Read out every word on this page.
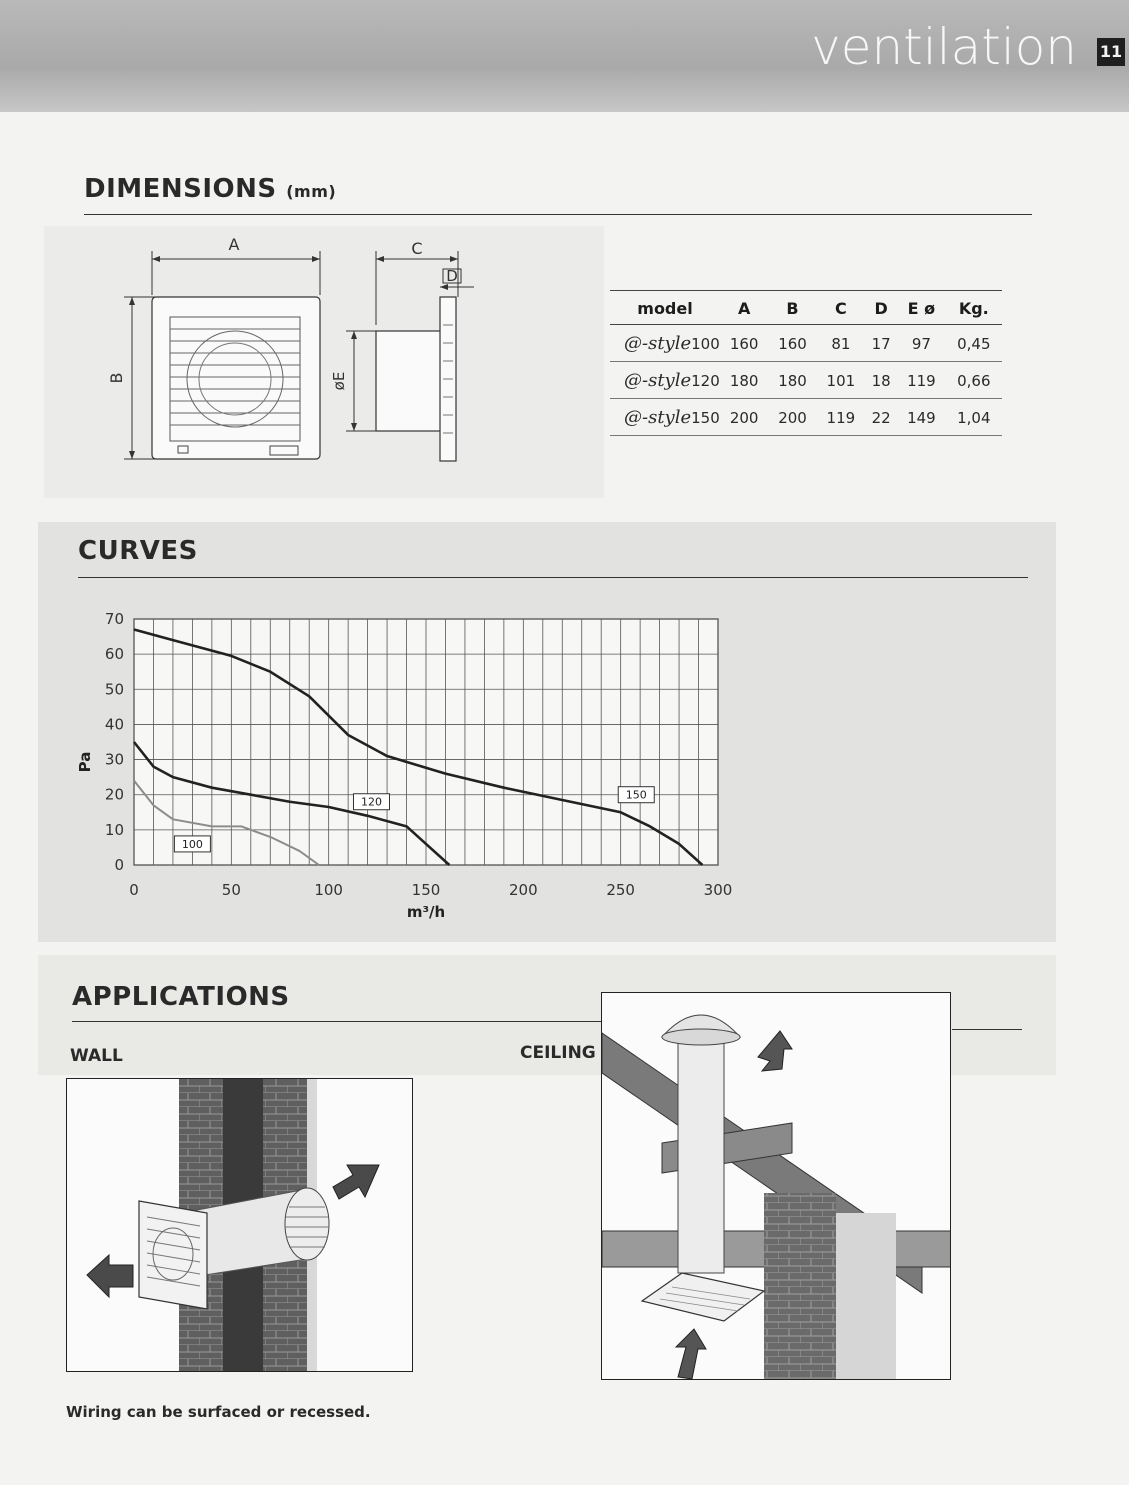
ventilation 11
DIMENSIONS (mm)
A
B
C
D
øE
model	A	B	C	D	E ø	Kg.
@-style100	160	160	81	17	97	0,45
@-style120	180	180	101	18	119	0,66
@-style150	200	200	119	22	149	1,04
CURVES
0	50	100	150	200	250	300
0
10
20
30
40
50
60
70
100
120
150
Pa
m³/h
APPLICATIONS
WALL	CEILING
Wiring can be surfaced or recessed.
